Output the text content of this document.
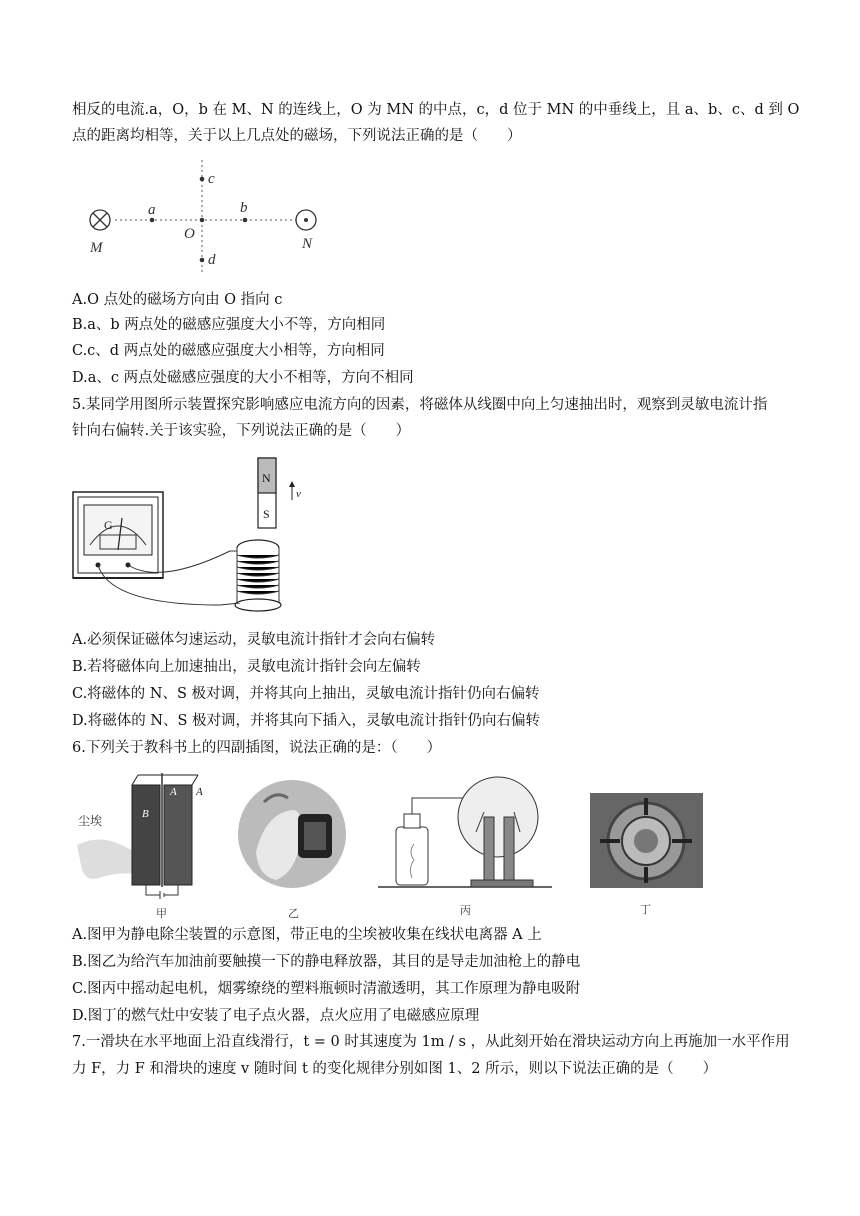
相反的电流.a，O，b 在 M、N 的连线上，O 为 MN 的中点，c，d 位于 MN 的中垂线上，且 a、b、c、d 到 O
点的距离均相等，关于以上几点处的磁场，下列说法正确的是（　　）
M	N
a
O
b
c
d
A.O 点处的磁场方向由 O 指向 c
B.a、b 两点处的磁感应强度大小不等，方向相同
C.c、d 两点处的磁感应强度大小相等，方向相同
D.a、c 两点处磁感应强度的大小不相等，方向不相同
5.某同学用图所示装置探究影响感应电流方向的因素，将磁体从线圈中向上匀速抽出时，观察到灵敏电流计指
针向右偏转.关于该实验，下列说法正确的是（　　）
G
N
S
v
A.必须保证磁体匀速运动，灵敏电流计指针才会向右偏转
B.若将磁体向上加速抽出，灵敏电流计指针会向左偏转
C.将磁体的 N、S 极对调，并将其向上抽出，灵敏电流计指针仍向右偏转
D.将磁体的 N、S 极对调，并将其向下插入，灵敏电流计指针仍向右偏转
6.下列关于教科书上的四副插图，说法正确的是：（　　）
尘埃
A A
B
甲	乙	丙	丁
A.图甲为静电除尘装置的示意图，带正电的尘埃被收集在线状电离器 A 上
B.图乙为给汽车加油前要触摸一下的静电释放器，其目的是导走加油枪上的静电
C.图丙中摇动起电机，烟雾缭绕的塑料瓶顿时清澈透明，其工作原理为静电吸附
D.图丁的燃气灶中安装了电子点火器，点火应用了电磁感应原理
7.一滑块在水平地面上沿直线滑行，t = 0 时其速度为 1m / s ，从此刻开始在滑块运动方向上再施加一水平作用
力 F，力 F 和滑块的速度 v 随时间 t 的变化规律分别如图 1、2 所示，则以下说法正确的是（　　）
